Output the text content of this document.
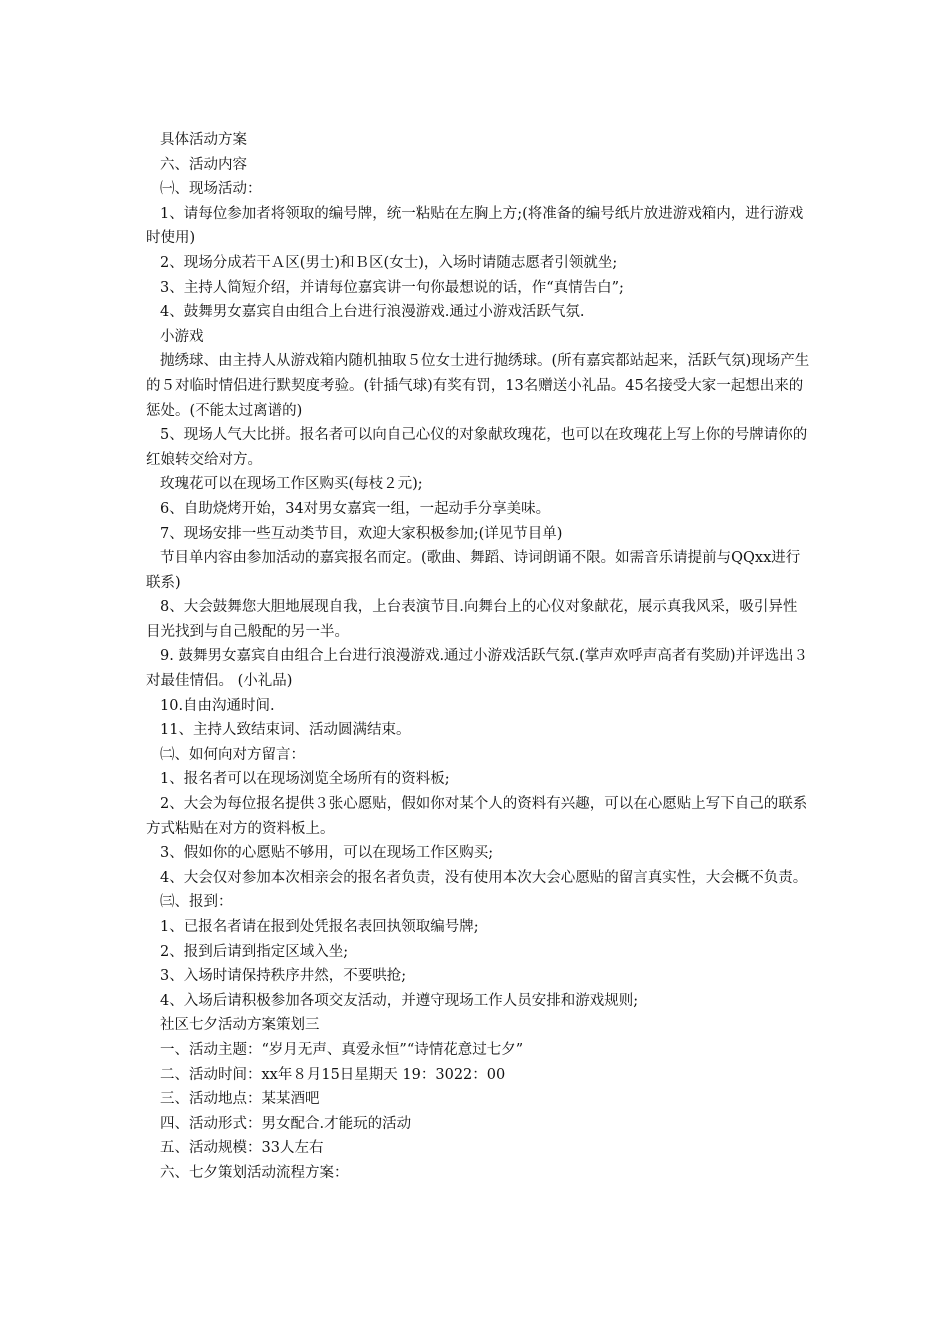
具体活动方案

六、活动内容

㈠、现场活动：

1、请每位参加者将领取的编号牌，统一粘贴在左胸上方;(将准备的编号纸片放进游戏箱内，进行游戏时使用)

2、现场分成若干Ａ区(男士)和Ｂ区(女士)，入场时请随志愿者引领就坐;

3、主持人简短介绍，并请每位嘉宾讲一句你最想说的话，作“真情告白”;

4、鼓舞男女嘉宾自由组合上台进行浪漫游戏.通过小游戏活跃气氛.

小游戏

抛绣球、由主持人从游戏箱内随机抽取５位女士进行抛绣球。(所有嘉宾都站起来，活跃气氛)现场产生的５对临时情侣进行默契度考验。(针插气球)有奖有罚，13名赠送小礼品。45名接受大家一起想出来的惩处。(不能太过离谱的)

5、现场人气大比拼。报名者可以向自己心仪的对象献玫瑰花，也可以在玫瑰花上写上你的号牌请你的红娘转交给对方。

玫瑰花可以在现场工作区购买(每枝２元);

6、自助烧烤开始，34对男女嘉宾一组，一起动手分享美味。

7、现场安排一些互动类节目，欢迎大家积极参加;(详见节目单)

节目单内容由参加活动的嘉宾报名而定。(歌曲、舞蹈、诗词朗诵不限。如需音乐请提前与QQxx进行联系)

8、大会鼓舞您大胆地展现自我，上台表演节目.向舞台上的心仪对象献花，展示真我风采，吸引异性目光找到与自己般配的另一半。

9. 鼓舞男女嘉宾自由组合上台进行浪漫游戏.通过小游戏活跃气氛.(掌声欢呼声高者有奖励)并评选出３对最佳情侣。 (小礼品)

10.自由沟通时间.

11、主持人致结束词、活动圆满结束。

㈡、如何向对方留言：

1、报名者可以在现场浏览全场所有的资料板;

2、大会为每位报名提供３张心愿贴，假如你对某个人的资料有兴趣，可以在心愿贴上写下自己的联系方式粘贴在对方的资料板上。

3、假如你的心愿贴不够用，可以在现场工作区购买;

4、大会仅对参加本次相亲会的报名者负责，没有使用本次大会心愿贴的留言真实性，大会概不负责。

㈢、报到：

1、已报名者请在报到处凭报名表回执领取编号牌;

2、报到后请到指定区域入坐;

3、入场时请保持秩序井然，不要哄抢;

4、入场后请积极参加各项交友活动，并遵守现场工作人员安排和游戏规则;

社区七夕活动方案策划三

一、活动主题：“岁月无声、真爱永恒”“诗情花意过七夕”

二、活动时间：xx年８月15日星期天 19：3022：00

三、活动地点：某某酒吧

四、活动形式：男女配合.才能玩的活动

五、活动规模：33人左右

六、七夕策划活动流程方案：
